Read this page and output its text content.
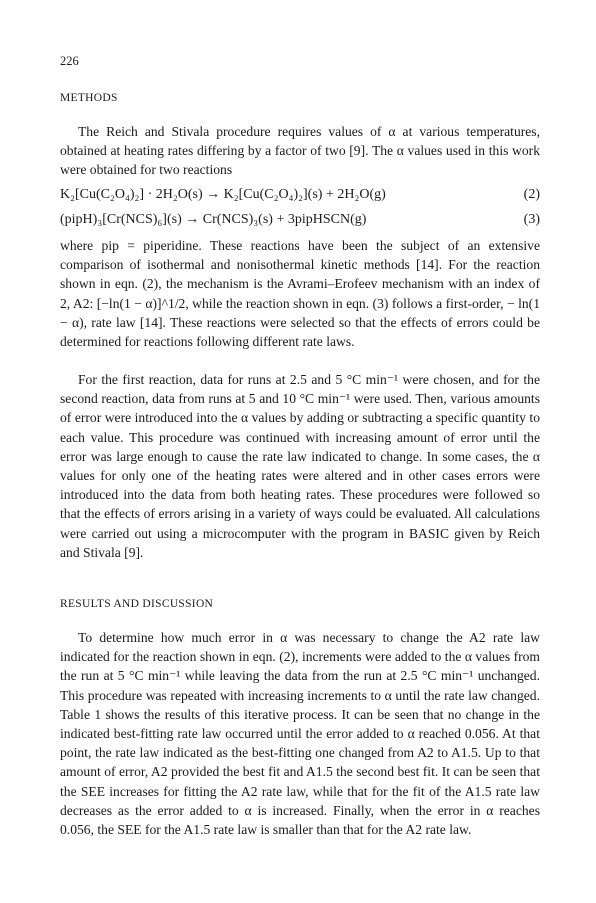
226
METHODS

The Reich and Stivala procedure requires values of α at various temperatures, obtained at heating rates differing by a factor of two [9]. The α values used in this work were obtained for two reactions

K₂[Cu(C₂O₄)₂] · 2H₂O(s) → K₂[Cu(C₂O₄)₂](s) + 2H₂O(g)	(2)
(pipH)₃[Cr(NCS)₆](s) → Cr(NCS)₃(s) + 3pipHSCN(g)	(3)

where pip = piperidine. These reactions have been the subject of an extensive comparison of isothermal and nonisothermal kinetic methods [14]. For the reaction shown in eqn. (2), the mechanism is the Avrami–Erofeev mechanism with an index of 2, A2: [−ln(1 − α)]^1/2, while the reaction shown in eqn. (3) follows a first-order, − ln(1 − α), rate law [14]. These reactions were selected so that the effects of errors could be determined for reactions following different rate laws.

For the first reaction, data for runs at 2.5 and 5 °C min⁻¹ were chosen, and for the second reaction, data from runs at 5 and 10 °C min⁻¹ were used. Then, various amounts of error were introduced into the α values by adding or subtracting a specific quantity to each value. This procedure was continued with increasing amount of error until the error was large enough to cause the rate law indicated to change. In some cases, the α values for only one of the heating rates were altered and in other cases errors were introduced into the data from both heating rates. These procedures were followed so that the effects of errors arising in a variety of ways could be evaluated. All calculations were carried out using a microcomputer with the program in BASIC given by Reich and Stivala [9].

RESULTS AND DISCUSSION

To determine how much error in α was necessary to change the A2 rate law indicated for the reaction shown in eqn. (2), increments were added to the α values from the run at 5 °C min⁻¹ while leaving the data from the run at 2.5 °C min⁻¹ unchanged. This procedure was repeated with increasing increments to α until the rate law changed. Table 1 shows the results of this iterative process. It can be seen that no change in the indicated best-fitting rate law occurred until the error added to α reached 0.056. At that point, the rate law indicated as the best-fitting one changed from A2 to A1.5. Up to that amount of error, A2 provided the best fit and A1.5 the second best fit. It can be seen that the SEE increases for fitting the A2 rate law, while that for the fit of the A1.5 rate law decreases as the error added to α is increased. Finally, when the error in α reaches 0.056, the SEE for the A1.5 rate law is smaller than that for the A2 rate law.
